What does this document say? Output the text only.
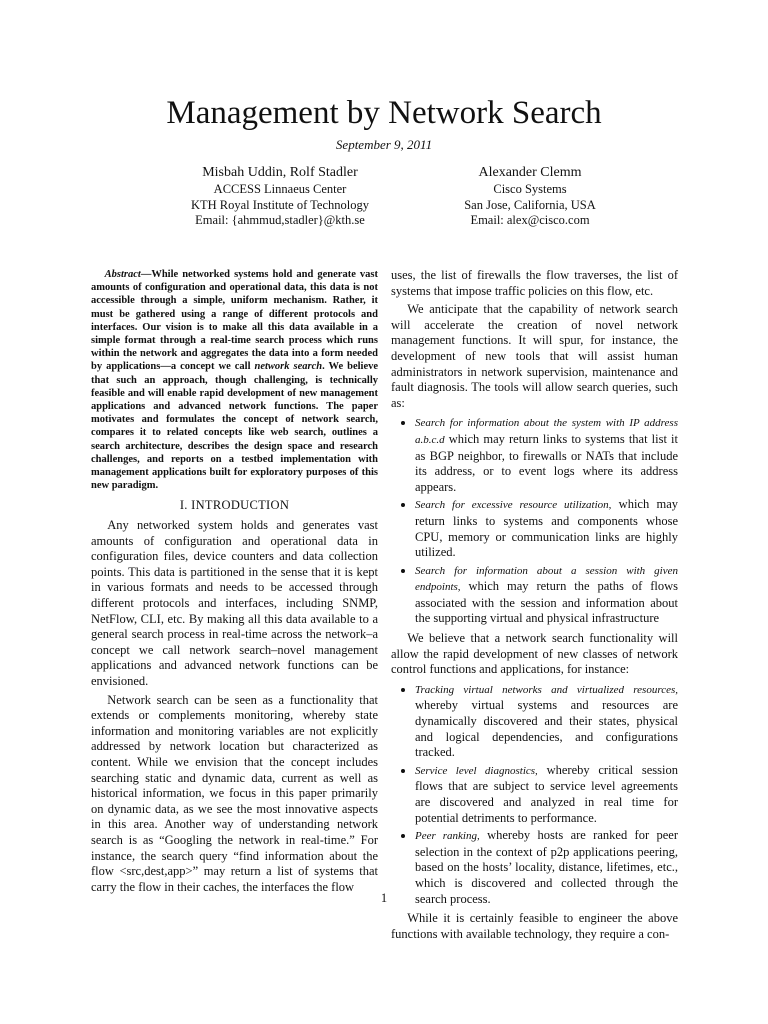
Management by Network Search
September 9, 2011
Misbah Uddin, Rolf Stadler
ACCESS Linnaeus Center
KTH Royal Institute of Technology
Email: {ahmmud,stadler}@kth.se
Alexander Clemm
Cisco Systems
San Jose, California, USA
Email: alex@cisco.com

Abstract—While networked systems hold and generate vast amounts of configuration and operational data, this data is not accessible through a simple, uniform mechanism. Rather, it must be gathered using a range of different protocols and interfaces. Our vision is to make all this data available in a simple format through a real-time search process which runs within the network and aggregates the data into a form needed by applications—a concept we call network search. We believe that such an approach, though challenging, is technically feasible and will enable rapid development of new management applications and advanced network functions. The paper motivates and formulates the concept of network search, compares it to related concepts like web search, outlines a search architecture, describes the design space and research challenges, and reports on a testbed implementation with management applications built for exploratory purposes of this new paradigm.

I. INTRODUCTION

Any networked system holds and generates vast amounts of configuration and operational data in configuration files, device counters and data collection points. This data is partitioned in the sense that it is kept in various formats and needs to be accessed through different protocols and interfaces, including SNMP, NetFlow, CLI, etc. By making all this data available to a general search process in real-time across the network–a concept we call network search–novel management applications and advanced network functions can be envisioned.

Network search can be seen as a functionality that extends or complements monitoring, whereby state information and monitoring variables are not explicitly addressed by network location but characterized as content. While we envision that the concept includes searching static and dynamic data, current as well as historical information, we focus in this paper primarily on dynamic data, as we see the most innovative aspects in this area. Another way of understanding network search is as “Googling the network in real-time.” For instance, the search query “find information about the flow <src,dest,app>” may return a list of systems that carry the flow in their caches, the interfaces the flow

uses, the list of firewalls the flow traverses, the list of systems that impose traffic policies on this flow, etc.

We anticipate that the capability of network search will accelerate the creation of novel network management functions. It will spur, for instance, the development of new tools that will assist human administrators in network supervision, maintenance and fault diagnosis. The tools will allow search queries, such as:

• Search for information about the system with IP address a.b.c.d which may return links to systems that list it as BGP neighbor, to firewalls or NATs that include its address, or to event logs where its address appears.
• Search for excessive resource utilization, which may return links to systems and components whose CPU, memory or communication links are highly utilized.
• Search for information about a session with given endpoints, which may return the paths of flows associated with the session and information about the supporting virtual and physical infrastructure

We believe that a network search functionality will allow the rapid development of new classes of network control functions and applications, for instance:

• Tracking virtual networks and virtualized resources, whereby virtual systems and resources are dynamically discovered and their states, physical and logical dependencies, and configurations tracked.
• Service level diagnostics, whereby critical session flows that are subject to service level agreements are discovered and analyzed in real time for potential detriments to performance.
• Peer ranking, whereby hosts are ranked for peer selection in the context of p2p applications peering, based on the hosts’ locality, distance, lifetimes, etc., which is discovered and collected through the search process.

While it is certainly feasible to engineer the above functions with available technology, they require a con-

1
